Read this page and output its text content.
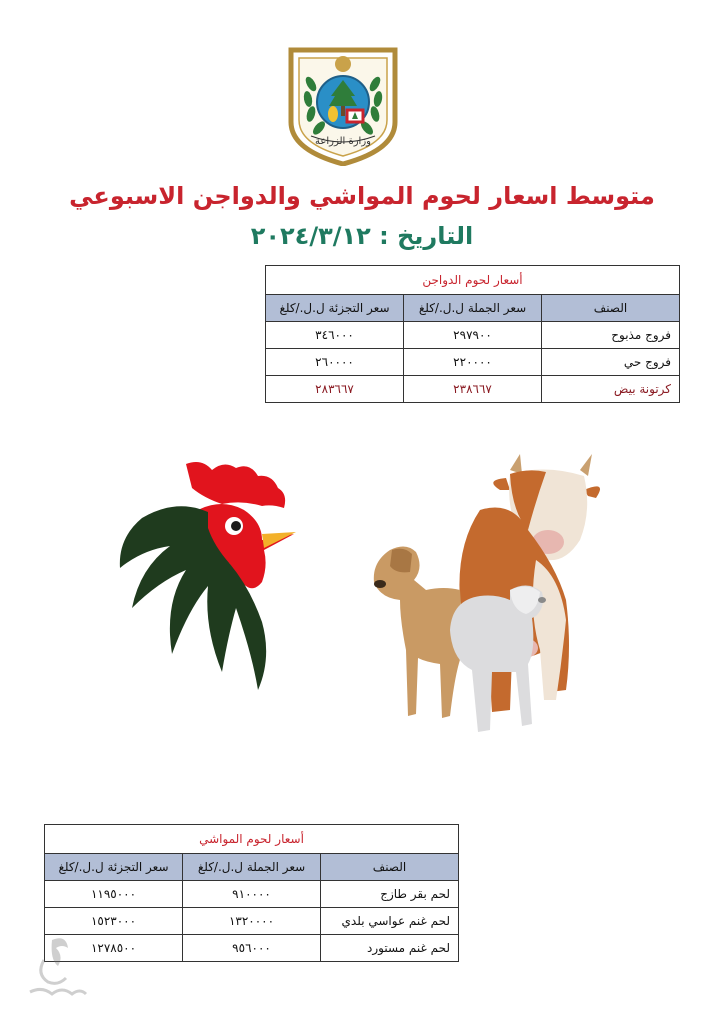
وزارة الزراعة
متوسط اسعار لحوم المواشي والدواجن الاسبوعي
التاريخ : ٢٠٢٤/٣/١٢
أسعار لحوم الدواجن		
الصنف	سعر الجملة ل.ل./كلغ	سعر التجزئة ل.ل./كلغ
فروج مذبوح	٢٩٧٩٠٠	٣٤٦٠٠٠
فروج حي	٢٢٠٠٠٠	٢٦٠٠٠٠
كرتونة بيض	٢٣٨٦٦٧	٢٨٣٦٦٧
أسعار لحوم المواشي		
الصنف	سعر الجملة ل.ل./كلغ	سعر التجزئة ل.ل./كلغ
لحم بقر طازج	٩١٠٠٠٠	١١٩٥٠٠٠
لحم غنم عواسي بلدي	١٣٢٠٠٠٠	١٥٢٣٠٠٠
لحم غنم مستورد	٩٥٦٠٠٠	١٢٧٨٥٠٠
